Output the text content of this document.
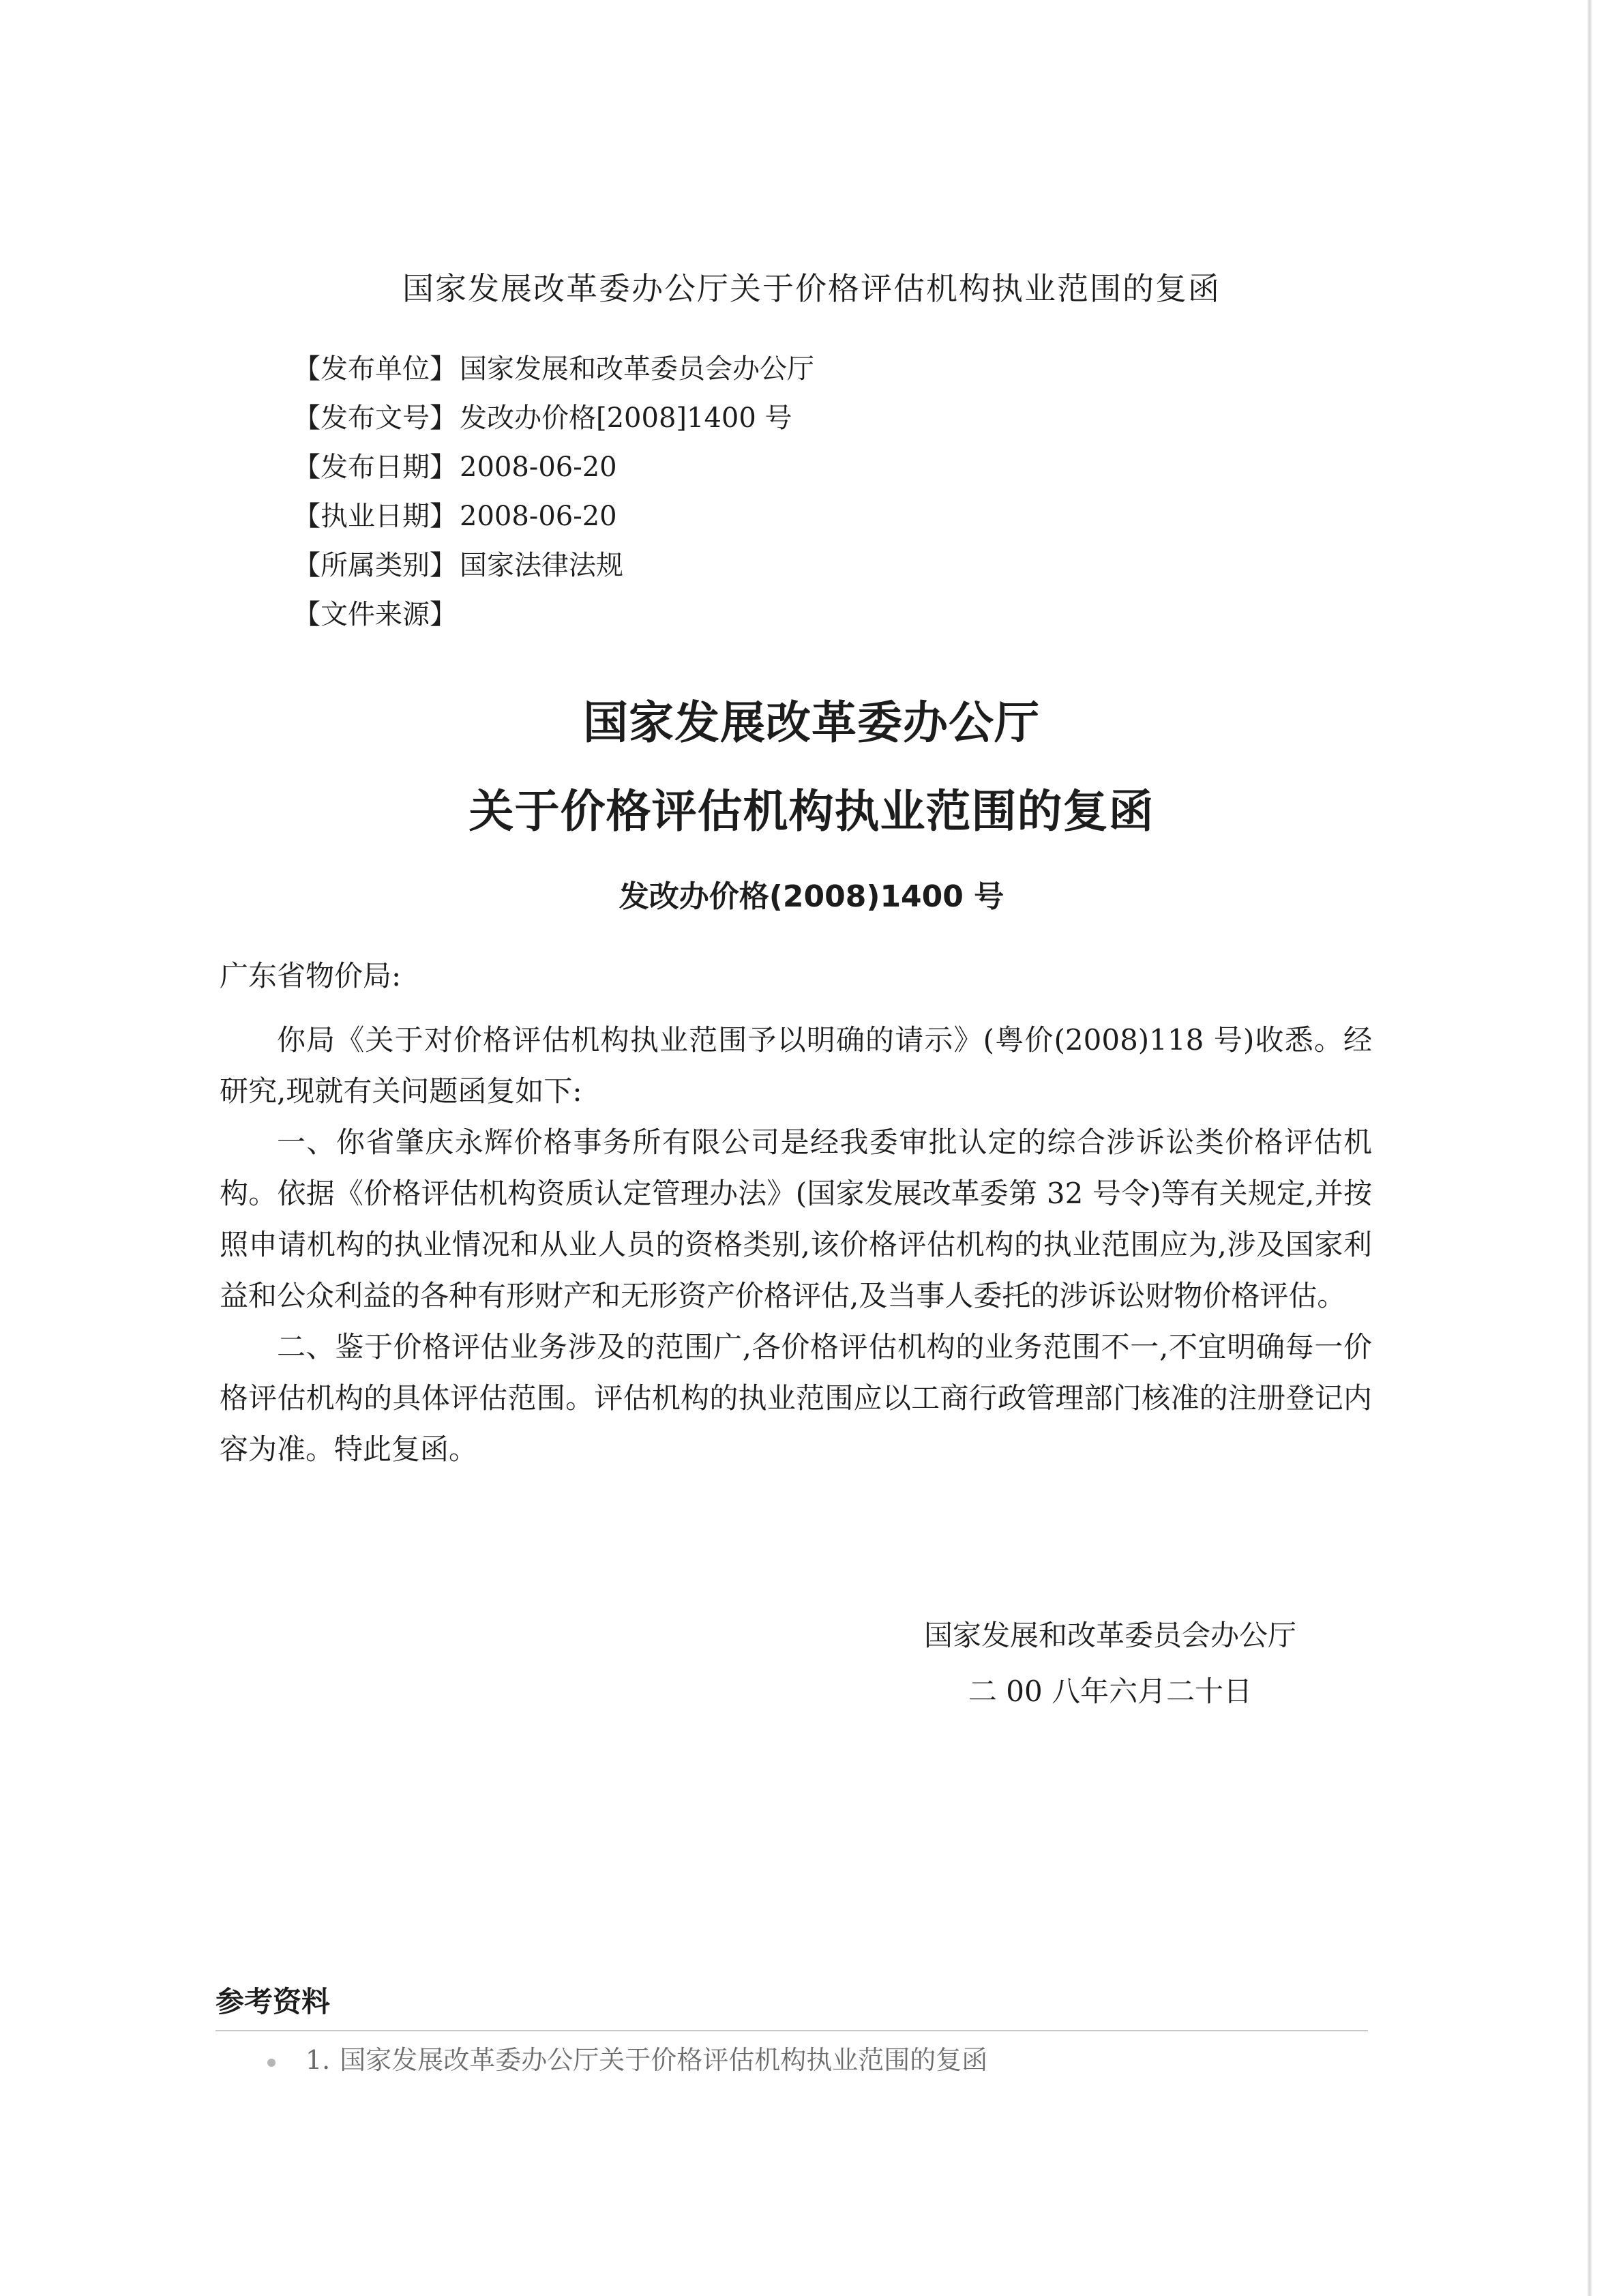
国家发展改革委办公厅关于价格评估机构执业范围的复函
【发布单位】 国家发展和改革委员会办公厅
【发布文号】 发改办价格[2008]1400 号
【发布日期】 2008-06-20
【执业日期】 2008-06-20
【所属类别】 国家法律法规
【文件来源】
国家发展改革委办公厅
关于价格评估机构执业范围的复函
发改办价格(2008)1400 号
广东省物价局:

你局《关于对价格评估机构执业范围予以明确的请示》(粤价(2008)118 号)收悉。经研究,现就有关问题函复如下:

一、你省肇庆永辉价格事务所有限公司是经我委审批认定的综合涉诉讼类价格评估机构。依据《价格评估机构资质认定管理办法》(国家发展改革委第 32 号令)等有关规定,并按照申请机构的执业情况和从业人员的资格类别,该价格评估机构的执业范围应为,涉及国家利益和公众利益的各种有形财产和无形资产价格评估,及当事人委托的涉诉讼财物价格评估。

二、鉴于价格评估业务涉及的范围广,各价格评估机构的业务范围不一,不宜明确每一价格评估机构的具体评估范围。评估机构的执业范围应以工商行政管理部门核准的注册登记内容为准。特此复函。

国家发展和改革委员会办公厅
二 00 八年六月二十日
参考资料
1. 国家发展改革委办公厅关于价格评估机构执业范围的复函
